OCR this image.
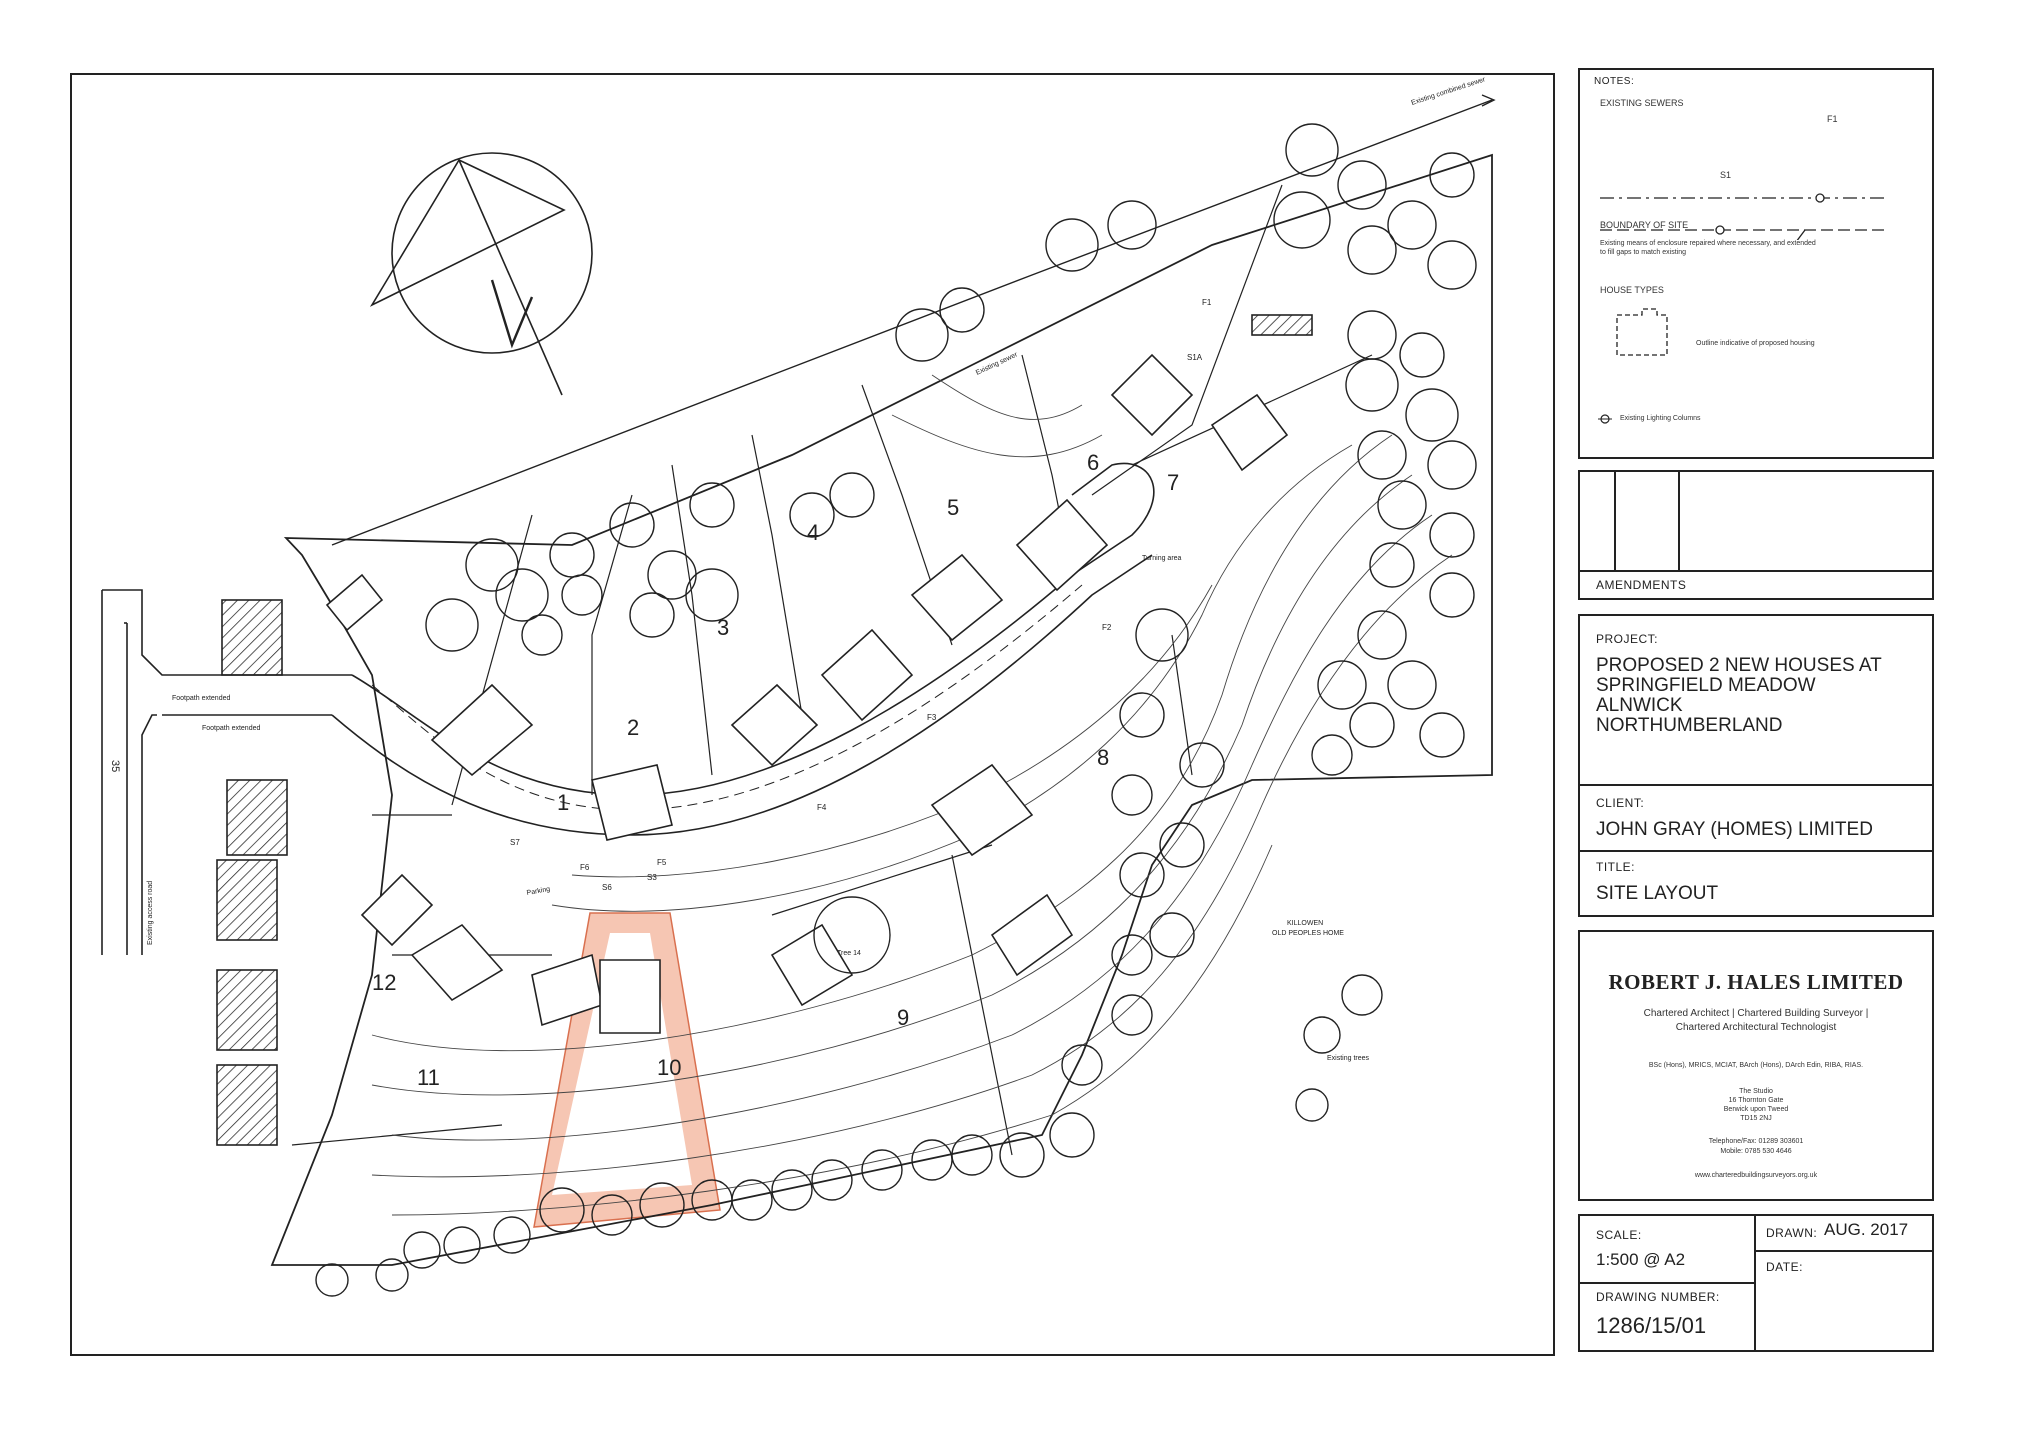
1
2
3
4
5
6
7
8
9
10
11
12
Footpath extended
Footpath extended
Existing access road
Existing combined sewer
Existing sewer
Existing trees
Turning area
KILLOWEN
OLD PEOPLES HOME
Tree 14
35
Parking
F1
S1A
F2
F3
F4
S3
F5
S6
F6
S7
NOTES:
EXISTING SEWERS
F1
S1
BOUNDARY OF SITE
Existing means of enclosure repaired where necessary, and extended
to fill gaps to match existing
HOUSE TYPES
Outline indicative of proposed housing
Existing Lighting Columns
AMENDMENTS
PROJECT:
PROPOSED 2 NEW HOUSES AT
SPRINGFIELD MEADOW
ALNWICK
NORTHUMBERLAND
CLIENT:
JOHN GRAY (HOMES) LIMITED
TITLE:
SITE LAYOUT
ROBERT J. HALES LIMITED
Chartered Architect | Chartered Building Surveyor |
Chartered Architectural Technologist
BSc (Hons), MRICS, MCIAT, BArch (Hons), DArch Edin, RIBA, RIAS.
The Studio
16 Thornton Gate
Berwick upon Tweed
TD15 2NJ
Telephone/Fax: 01289 303601
Mobile: 0785 530 4646
www.charteredbuildingsurveyors.org.uk
SCALE:
1:500 @ A2
DRAWN: AUG. 2017
DATE:
DRAWING NUMBER:
1286/15/01
